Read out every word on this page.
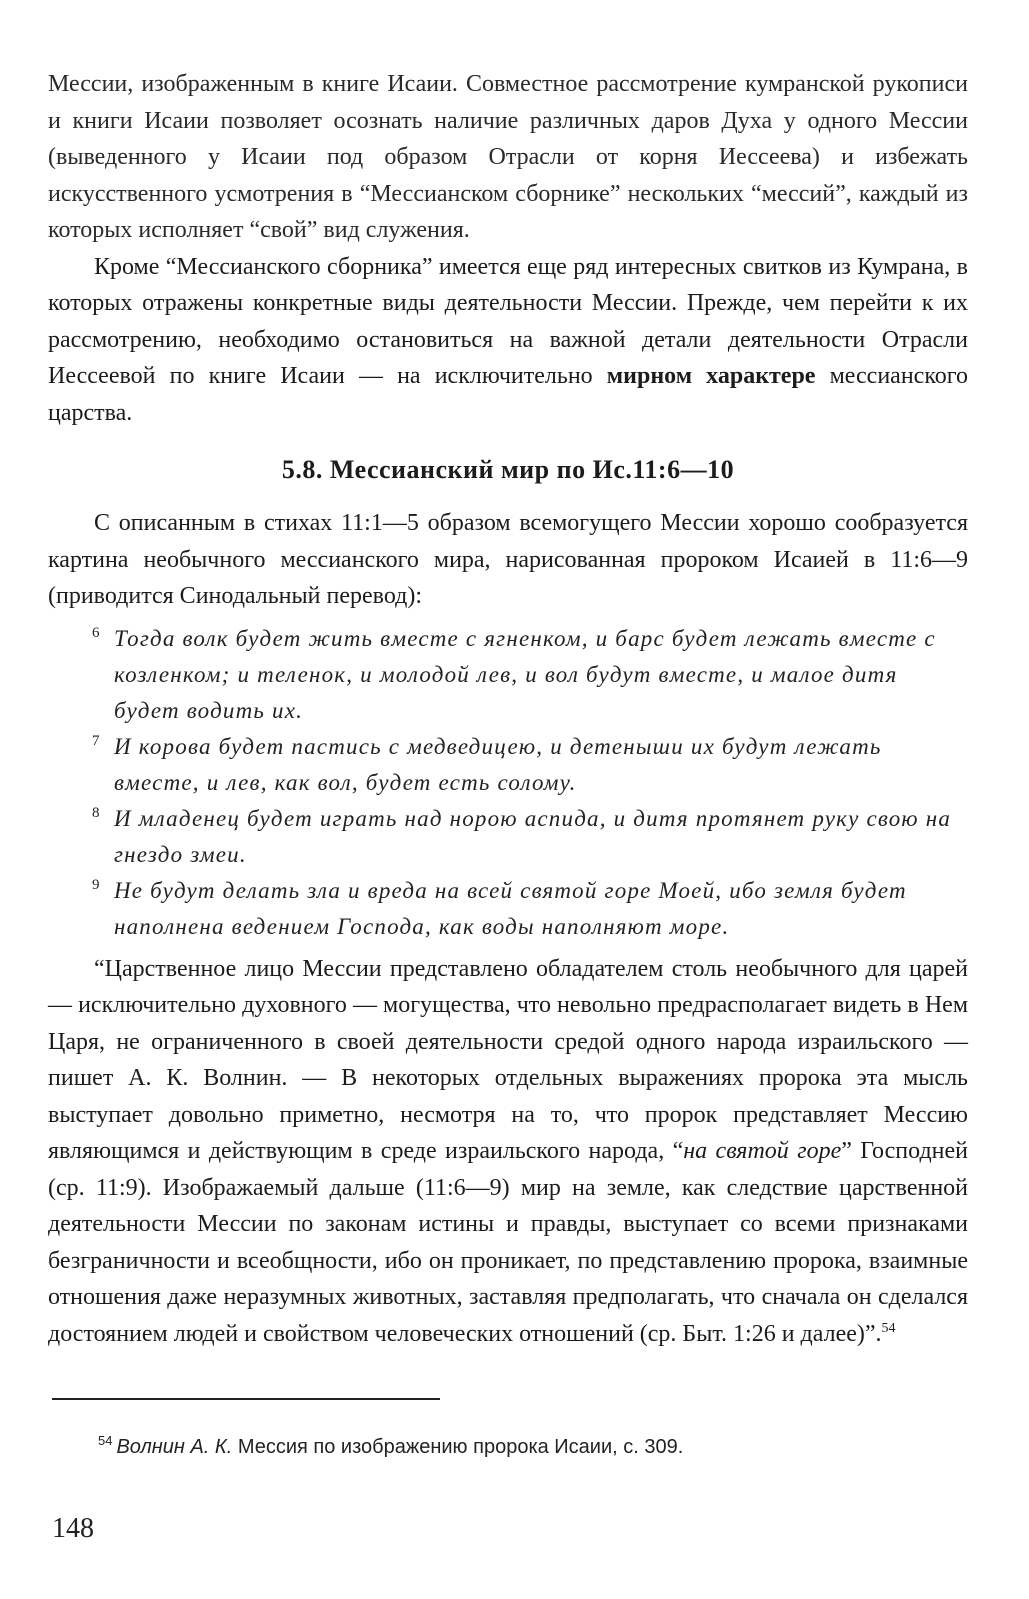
Мессии, изображенным в книге Исаии. Совместное рассмотрение кумранской рукописи и книги Исаии позволяет осознать наличие различных даров Духа у одного Мессии (выведенного у Исаии под образом Отрасли от корня Иессеева) и избежать искусственного усмотрения в “Мессианском сборнике” нескольких “мессий”, каждый из которых исполняет “свой” вид служения.

Кроме “Мессианского сборника” имеется еще ряд интересных свитков из Кумрана, в которых отражены конкретные виды деятельности Мессии. Прежде, чем перейти к их рассмотрению, необходимо остановиться на важной детали деятельности Отрасли Иессеевой по книге Исаии — на исключительно мирном характере мессианского царства.

5.8. Мессианский мир по Ис.11:6—10

С описанным в стихах 11:1—5 образом всемогущего Мессии хорошо сообразуется картина необычного мессианского мира, нарисованная пророком Исаией в 11:6—9 (приводится Синодальный перевод):

6 Тогда волк будет жить вместе с ягненком, и барс будет лежать вместе с козленком; и теленок, и молодой лев, и вол будут вместе, и малое дитя будет водить их.

7 И корова будет пастись с медведицею, и детеныши их будут лежать вместе, и лев, как вол, будет есть солому.

8 И младенец будет играть над норою аспида, и дитя протянет руку свою на гнездо змеи.

9 Не будут делать зла и вреда на всей святой горе Моей, ибо земля будет наполнена ведением Господа, как воды наполняют море.

“Царственное лицо Мессии представлено обладателем столь необычного для царей — исключительно духовного — могущества, что невольно предрасполагает видеть в Нем Царя, не ограниченного в своей деятельности средой одного народа израильского — пишет А. К. Волнин. — В некоторых отдельных выражениях пророка эта мысль выступает довольно приметно, несмотря на то, что пророк представляет Мессию являющимся и действующим в среде израильского народа, “на святой горе” Господней (ср. 11:9). Изображаемый дальше (11:6—9) мир на земле, как следствие царственной деятельности Мессии по законам истины и правды, выступает со всеми признаками безграничности и всеобщности, ибо он проникает, по представлению пророка, взаимные отношения даже неразумных животных, заставляя предполагать, что сначала он сделался достоянием людей и свойством человеческих отношений (ср. Быт. 1:26 и далее)”.$^{54}$

$^{54}$ Волнин А. К. Мессия по изображению пророка Исаии, с. 309.
148
